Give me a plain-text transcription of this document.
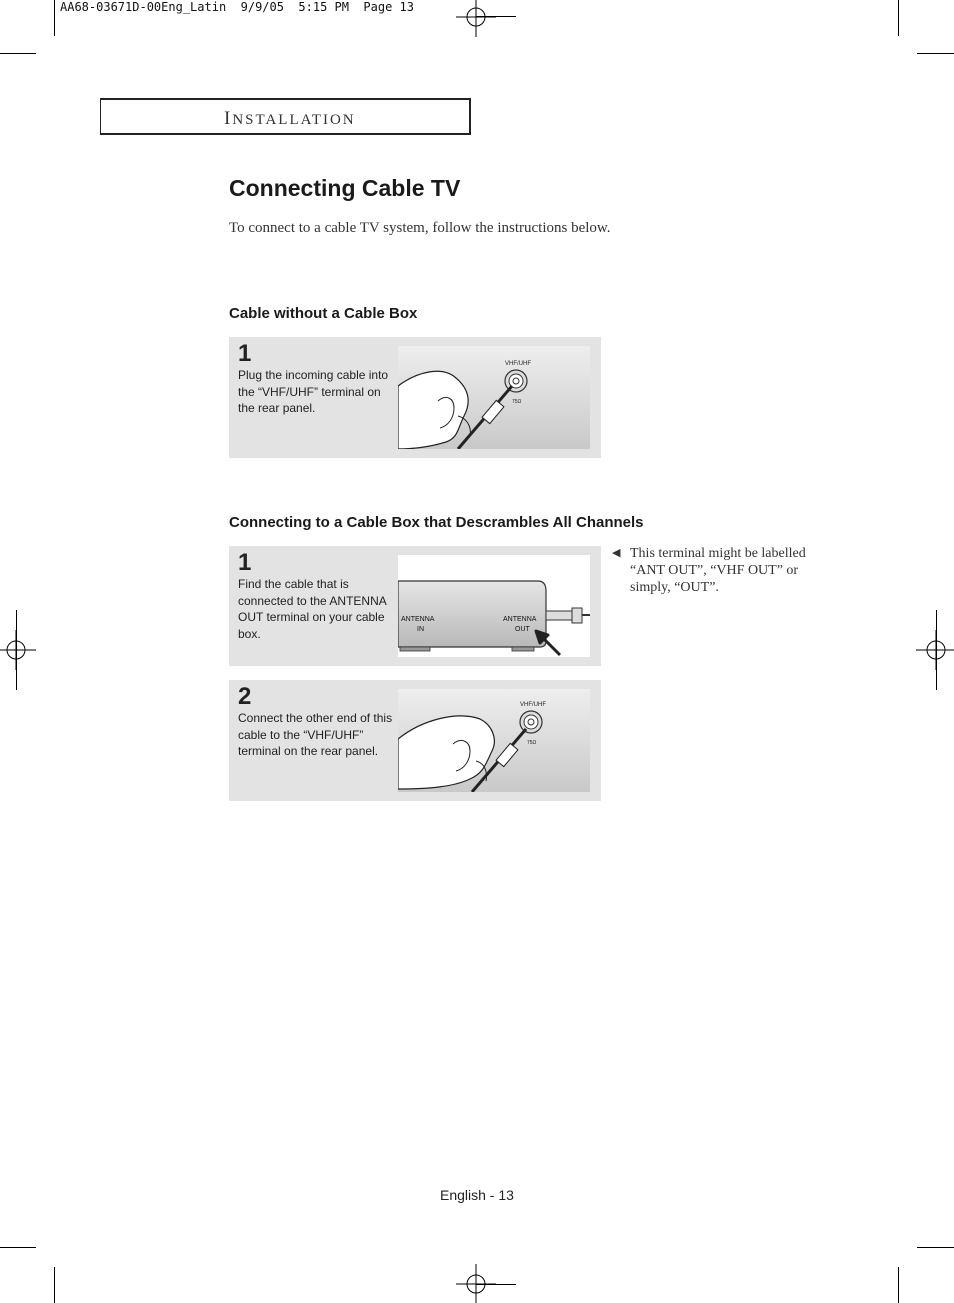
AA68-03671D-00Eng_Latin  9/9/05  5:15 PM  Page 13
INSTALLATION
Connecting Cable TV
To connect to a cable TV system, follow the instructions below.
Cable without a Cable Box
1
Plug the incoming cable into the “VHF/UHF” terminal on the rear panel.
VHF/UHF
75Ω
Connecting to a Cable Box that Descrambles All Channels
1
Find the cable that is connected to the ANTENNA OUT terminal on your cable box.
ANTENNA
IN
ANTENNA
OUT
2
Connect the other end of this cable to the “VHF/UHF” terminal on the rear panel.
VHF/UHF
75Ω
◀ This terminal might be labelled “ANT OUT”, “VHF OUT” or simply, “OUT”.
English - 13
